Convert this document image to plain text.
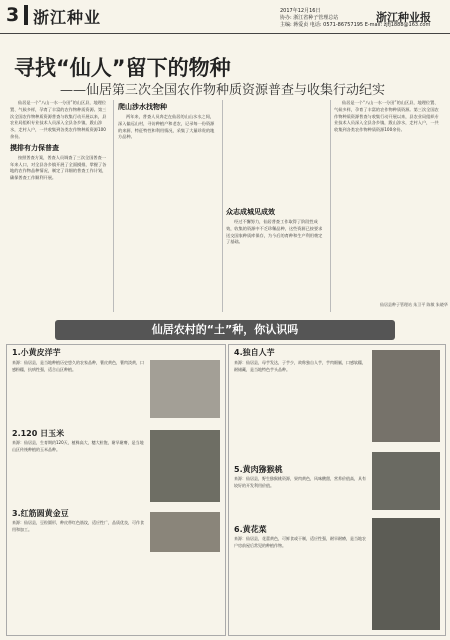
3 浙江种业	2017年12月16日
协办: 浙江省种子管理总站
主编: 蒋爱贞 电话: 0571-86757195 E-mail: zjfj1888@163.com
浙江种业报
寻找“仙人”留下的物种
——仙居第三次全国农作物种质资源普查与收集行动纪实

仙居是一个“八山一水一分田”的山区县，地理位置、气候多样，孕育了丰富的农作物种质资源。第三次全国农作物种质资源普查与收集行动开展以来，县农业局组织专业技术人员深入全县各乡镇，跋山涉水，走村入户，一共收集到各类农作物种质资源100余份。

摸排有力保普查

按照普查方案，普查人员调查了三次全国普查一年来人口，对全县各乡镇开展了全面摸排，掌握了各地的农作物品种情况，制定了详细的普查工作计划，确保普查工作顺利开展。

爬山涉水找物种

两年来，普查人员奔走在仙居的山山水水之间，深入偏远山村，寻访种植户和老农，记录每一份资源的来源、特征特性和利用情况，采集了大量珍贵的地方品种。

众志成城见成效

经过不懈努力，仙居普查工作取得了阶段性成效，收集的资源中不乏珍稀品种，这些资源已按要求送交国家种质库保存，为今后的育种和生产利用奠定了基础。

仙居是一个“八山一水一分田”的山区县，地理位置、气候多样，孕育了丰富的农作物种质资源。第三次全国农作物种质资源普查与收集行动开展以来，县农业局组织专业技术人员深入全县各乡镇，跋山涉水，走村入户，一共收集到各类农作物种质资源100余份。

仙居县种子管理站 朱卫平 陈敏 朱晓华
仙居农村的“土”种，你认识吗
1.小黄皮洋芋
来源：仙居县，是当地种植历史悠久的农家品种，薯皮黄色，薯肉淡黄，口感粉糯，抗病性强，适合山区种植。
2.120 日玉米
来源：仙居县，生育期约120天，植株高大，穗大粒饱，耐旱耐瘠，是当地山区传统种植的玉米品种。
3.红筋圆黄金豆
来源：仙居县，豆粒圆形，种皮带红色筋纹，适应性广，品质优良，可作食用和加工。
4.独自人芋
来源：仙居县，母芋发达，子芋少，故称独自人芋，芋肉细腻，口感软糯，耐储藏，是当地特色芋头品种。
5.黄肉猕猴桃
来源：仙居县，野生猕猴桃资源，果肉黄色，风味酸甜，营养价值高，具有较好的开发利用价值。
6.黄花菜
来源：仙居县，花蕾黄色，可鲜食或干制，适应性强，耐旱耐瘠，是当地农户房前屋后常见的种植作物。
